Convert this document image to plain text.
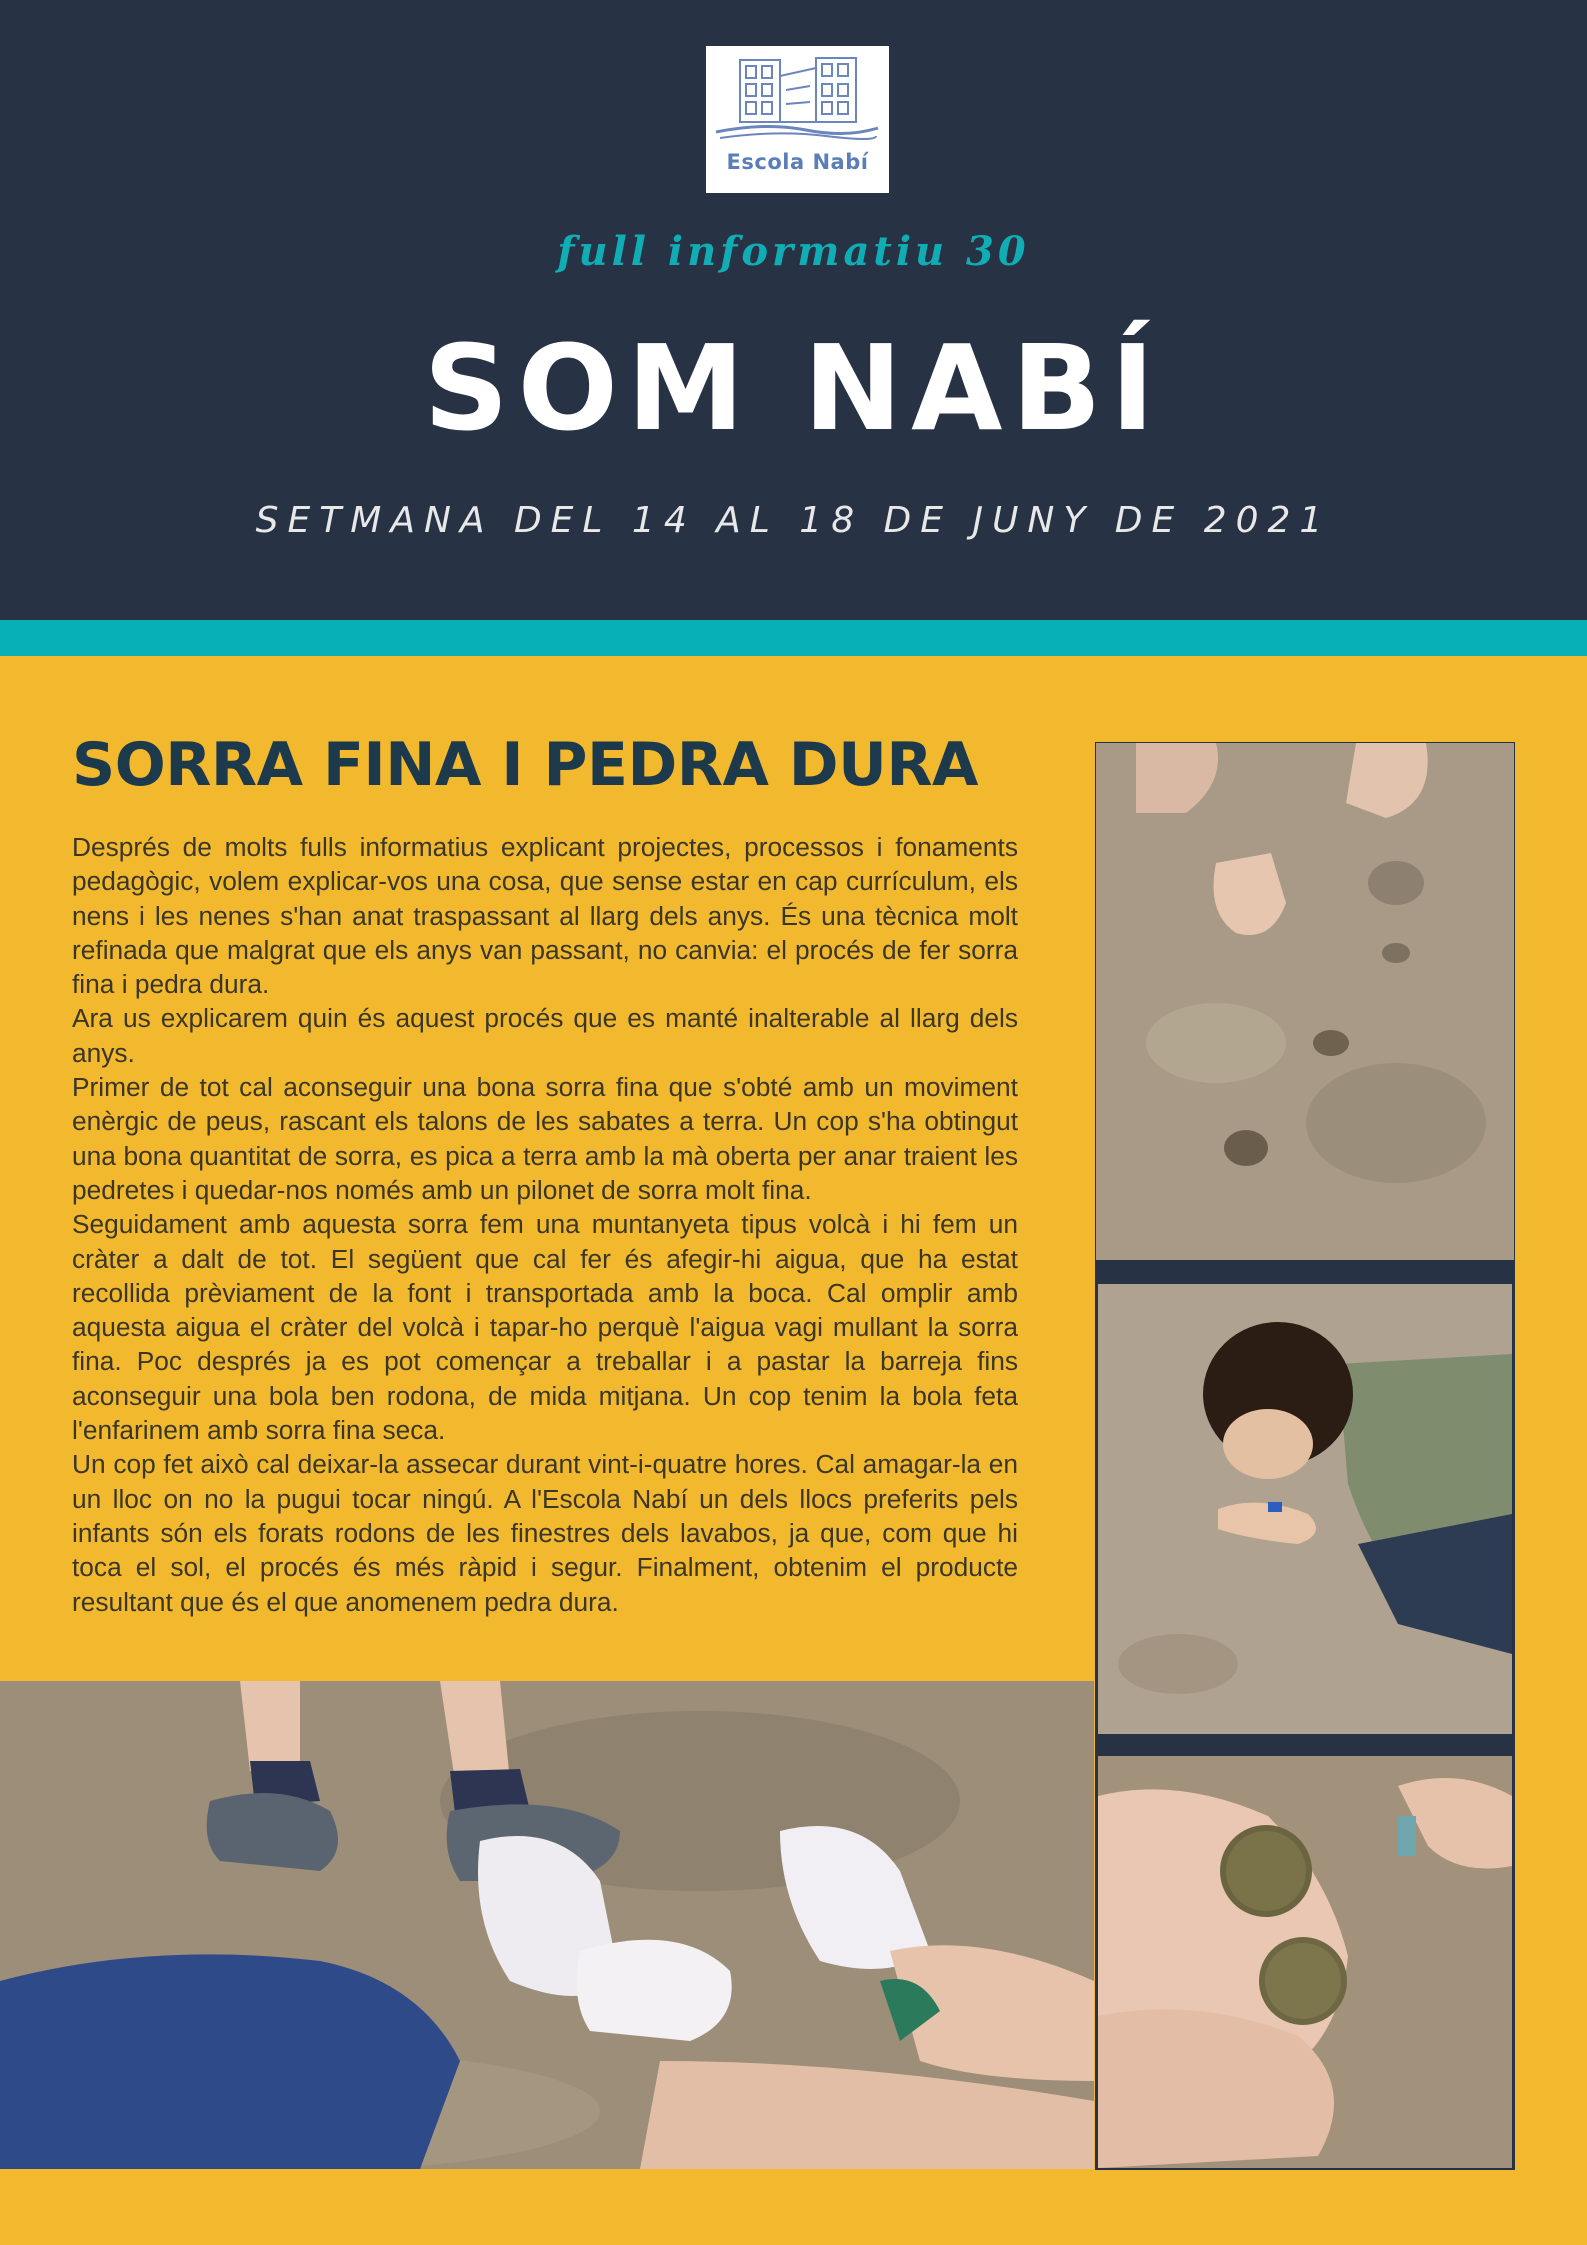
Escola Nabí
full informatiu 30
SOM NABÍ
SETMANA DEL 14 AL 18 DE JUNY DE 2021
SORRA FINA I PEDRA DURA

Després de molts fulls informatius explicant projectes, processos i fonaments pedagògic, volem explicar-vos una cosa, que sense estar en cap currículum, els nens i les nenes s'han anat traspassant al llarg dels anys. És una tècnica molt refinada que malgrat que els anys van passant, no canvia: el procés de fer sorra fina i pedra dura.

Ara us explicarem quin és aquest procés que es manté inalterable al llarg dels anys.

Primer de tot cal aconseguir una bona sorra fina que s'obté amb un moviment enèrgic de peus, rascant els talons de les sabates a terra. Un cop s'ha obtingut una bona quantitat de sorra, es pica a terra amb la mà oberta per anar traient les pedretes i quedar-nos només amb un pilonet de sorra molt fina.

Seguidament amb aquesta sorra fem una muntanyeta tipus volcà i hi fem un cràter a dalt de tot. El següent que cal fer és afegir-hi aigua, que ha estat recollida prèviament de la font i transportada amb la boca. Cal omplir amb aquesta aigua el cràter del volcà i tapar-ho perquè l'aigua vagi mullant la sorra fina. Poc després ja es pot començar a treballar i a pastar la barreja fins aconseguir una bola ben rodona, de mida mitjana. Un cop tenim la bola feta l'enfarinem amb sorra fina seca.

Un cop fet això cal deixar-la assecar durant vint-i-quatre hores. Cal amagar-la en un lloc on no la pugui tocar ningú. A l'Escola Nabí un dels llocs preferits pels infants són els forats rodons de les finestres dels lavabos, ja que, com que hi toca el sol, el procés és més ràpid i segur. Finalment, obtenim el producte resultant que és el que anomenem pedra dura.
